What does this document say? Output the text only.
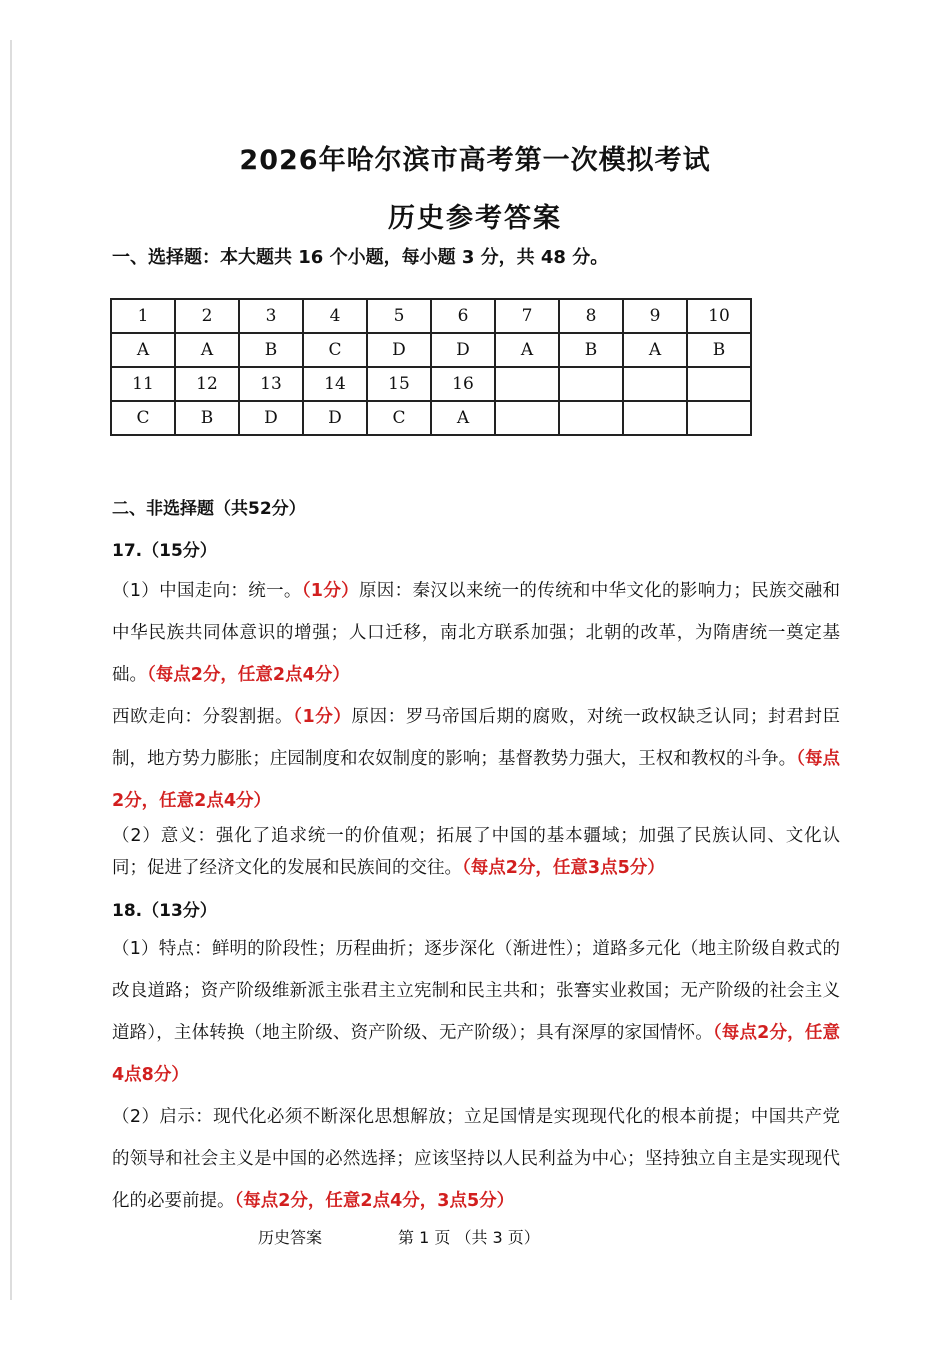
2026年哈尔滨市高考第一次模拟考试
历史参考答案
一、选择题：本大题共 16 个小题，每小题 3 分，共 48 分。
1	2	3	4	5	6	7	8	9	10
A	A	B	C	D	D	A	B	A	B
11	12	13	14	15	16				
C	B	D	D	C	A				
二、非选择题（共52分）
17.（15分）
（1）中国走向：统一。（1分）原因：秦汉以来统一的传统和中华文化的影响力；民族交融和中华民族共同体意识的增强；人口迁移，南北方联系加强；北朝的改革，为隋唐统一奠定基础。（每点2分，任意2点4分）
西欧走向：分裂割据。（1分）原因：罗马帝国后期的腐败，对统一政权缺乏认同；封君封臣制，地方势力膨胀；庄园制度和农奴制度的影响；基督教势力强大，王权和教权的斗争。（每点2分，任意2点4分）
（2）意义：强化了追求统一的价值观；拓展了中国的基本疆域；加强了民族认同、文化认同；促进了经济文化的发展和民族间的交往。（每点2分，任意3点5分）
18.（13分）
（1）特点：鲜明的阶段性；历程曲折；逐步深化（渐进性）；道路多元化（地主阶级自救式的改良道路；资产阶级维新派主张君主立宪制和民主共和；张謇实业救国；无产阶级的社会主义道路），主体转换（地主阶级、资产阶级、无产阶级）；具有深厚的家国情怀。（每点2分，任意4点8分）
（2）启示：现代化必须不断深化思想解放；立足国情是实现现代化的根本前提；中国共产党的领导和社会主义是中国的必然选择；应该坚持以人民利益为中心；坚持独立自主是实现现代化的必要前提。（每点2分，任意2点4分，3点5分）
历史答案	第 1 页 （共 3 页）
